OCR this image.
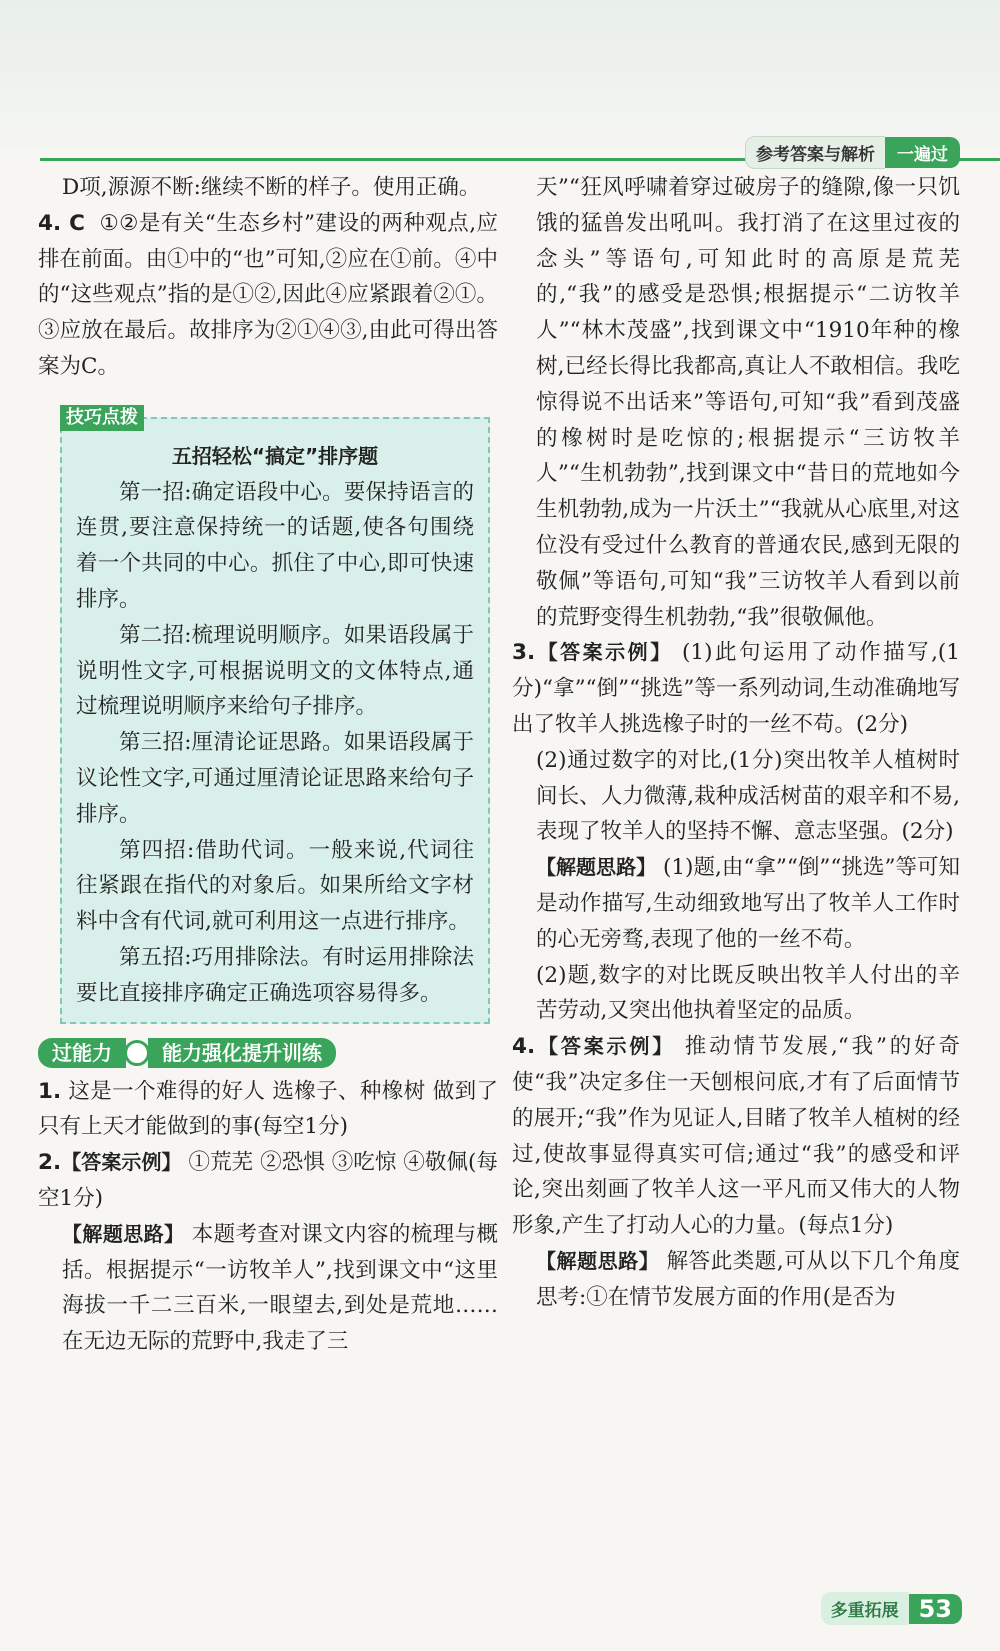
参考答案与解析	一遍过

D项,源源不断:继续不断的样子。使用正确。

4. C ①②是有关“生态乡村”建设的两种观点,应排在前面。由①中的“也”可知,②应在①前。④中的“这些观点”指的是①②,因此④应紧跟着②①。③应放在最后。故排序为②①④③,由此可得出答案为C。

技巧点拨
五招轻松“搞定”排序题

第一招:确定语段中心。要保持语言的连贯,要注意保持统一的话题,使各句围绕着一个共同的中心。抓住了中心,即可快速排序。

第二招:梳理说明顺序。如果语段属于说明性文字,可根据说明文的文体特点,通过梳理说明顺序来给句子排序。

第三招:厘清论证思路。如果语段属于议论性文字,可通过厘清论证思路来给句子排序。

第四招:借助代词。一般来说,代词往往紧跟在指代的对象后。如果所给文字材料中含有代词,就可利用这一点进行排序。

第五招:巧用排除法。有时运用排除法要比直接排序确定正确选项容易得多。

过能力	能力强化提升训练

1. 这是一个难得的好人 选橡子、种橡树 做到了只有上天才能做到的事(每空1分)

2.【答案示例】 ①荒芜 ②恐惧 ③吃惊 ④敬佩(每空1分)

【解题思路】 本题考查对课文内容的梳理与概括。根据提示“一访牧羊人”,找到课文中“这里海拔一千二三百米,一眼望去,到处是荒地……在无边无际的荒野中,我走了三

天”“狂风呼啸着穿过破房子的缝隙,像一只饥饿的猛兽发出吼叫。我打消了在这里过夜的念头”等语句,可知此时的高原是荒芜的,“我”的感受是恐惧;根据提示“二访牧羊人”“林木茂盛”,找到课文中“1910年种的橡树,已经长得比我都高,真让人不敢相信。我吃惊得说不出话来”等语句,可知“我”看到茂盛的橡树时是吃惊的;根据提示“三访牧羊人”“生机勃勃”,找到课文中“昔日的荒地如今生机勃勃,成为一片沃土”“我就从心底里,对这位没有受过什么教育的普通农民,感到无限的敬佩”等语句,可知“我”三访牧羊人看到以前的荒野变得生机勃勃,“我”很敬佩他。

3.【答案示例】 (1)此句运用了动作描写,(1分)“拿”“倒”“挑选”等一系列动词,生动准确地写出了牧羊人挑选橡子时的一丝不苟。(2分)

(2)通过数字的对比,(1分)突出牧羊人植树时间长、人力微薄,栽种成活树苗的艰辛和不易,表现了牧羊人的坚持不懈、意志坚强。(2分)

【解题思路】 (1)题,由“拿”“倒”“挑选”等可知是动作描写,生动细致地写出了牧羊人工作时的心无旁骛,表现了他的一丝不苟。

(2)题,数字的对比既反映出牧羊人付出的辛苦劳动,又突出他执着坚定的品质。

4.【答案示例】 推动情节发展,“我”的好奇使“我”决定多住一天刨根问底,才有了后面情节的展开;“我”作为见证人,目睹了牧羊人植树的经过,使故事显得真实可信;通过“我”的感受和评论,突出刻画了牧羊人这一平凡而又伟大的人物形象,产生了打动人心的力量。(每点1分)

【解题思路】 解答此类题,可从以下几个角度思考:①在情节发展方面的作用(是否为

多重拓展 53
